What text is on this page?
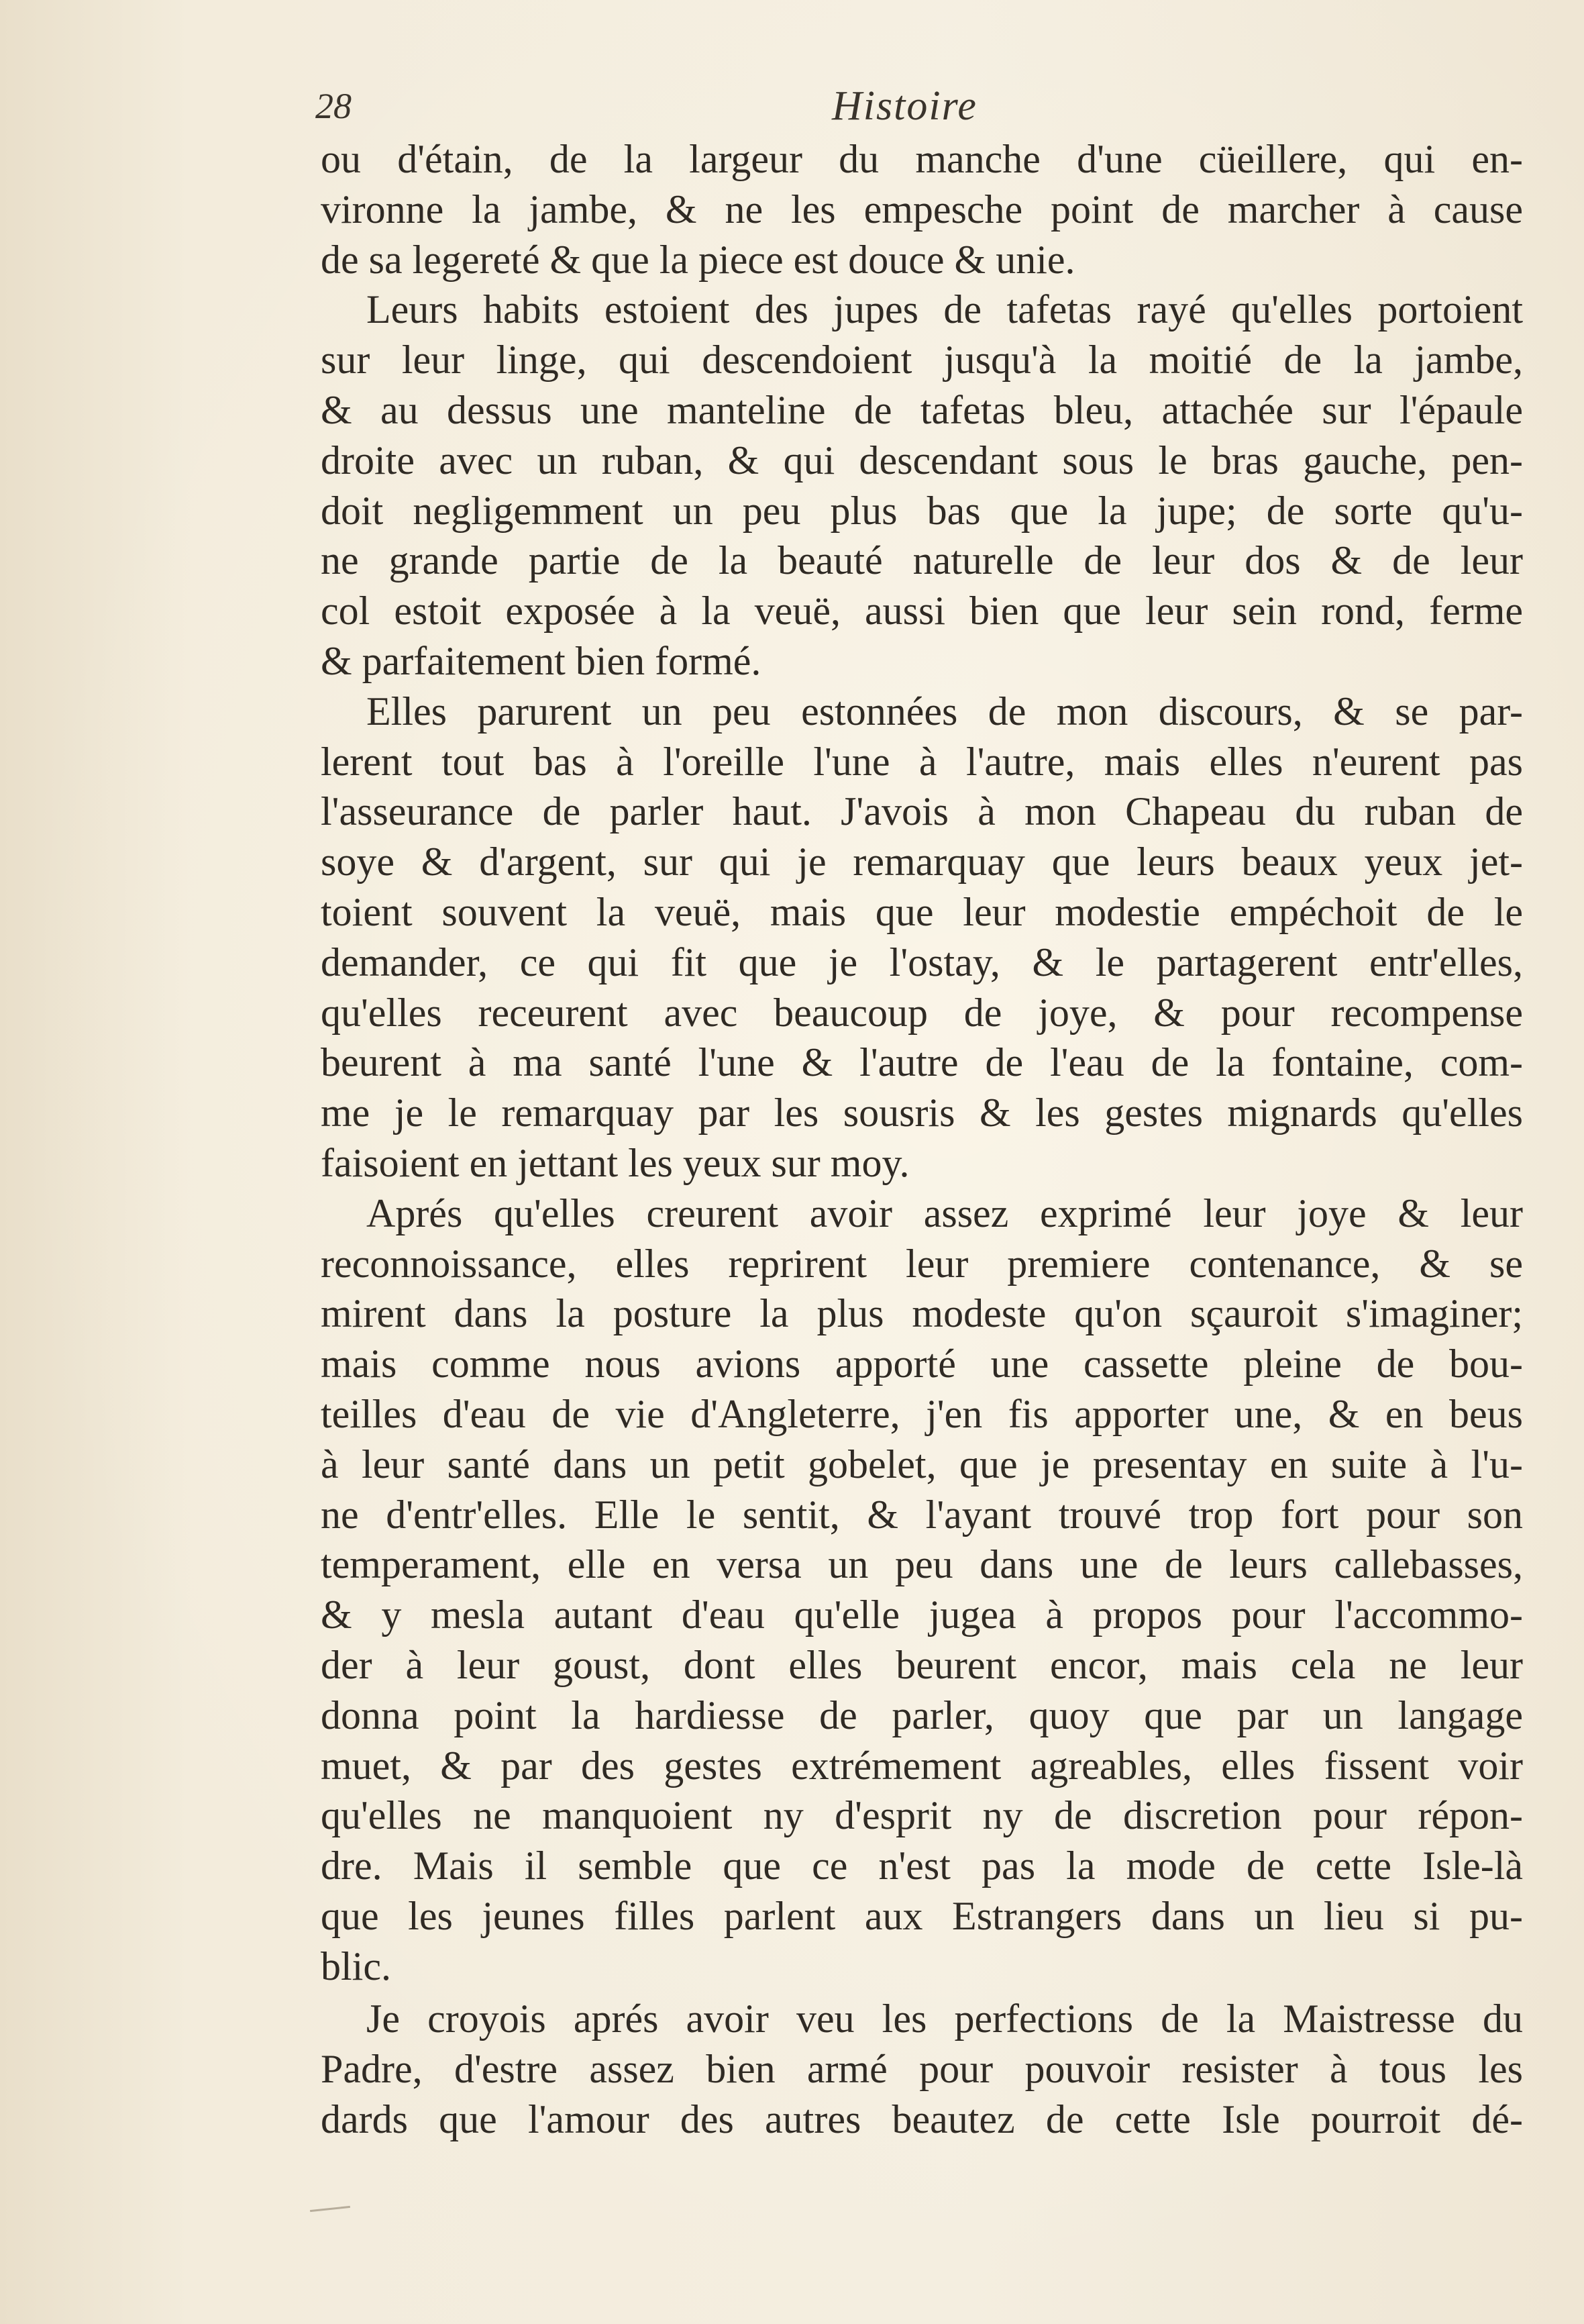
28	Histoire
ou d'étain, de la largeur du manche d'une cüeillere, qui en-
vironne la jambe, & ne les empesche point de marcher à cause
de sa legereté & que la piece est douce & unie.
Leurs habits estoient des jupes de tafetas rayé qu'elles portoient
sur leur linge, qui descendoient jusqu'à la moitié de la jambe,
& au dessus une manteline de tafetas bleu, attachée sur l'épaule
droite avec un ruban, & qui descendant sous le bras gauche, pen-
doit negligemment un peu plus bas que la jupe; de sorte qu'u-
ne grande partie de la beauté naturelle de leur dos & de leur
col estoit exposée à la veuë, aussi bien que leur sein rond, ferme
& parfaitement bien formé.
Elles parurent un peu estonnées de mon discours, & se par-
lerent tout bas à l'oreille l'une à l'autre, mais elles n'eurent pas
l'asseurance de parler haut. J'avois à mon Chapeau du ruban de
soye & d'argent, sur qui je remarquay que leurs beaux yeux jet-
toient souvent la veuë, mais que leur modestie empéchoit de le
demander, ce qui fit que je l'ostay, & le partagerent entr'elles,
qu'elles receurent avec beaucoup de joye, & pour recompense
beurent à ma santé l'une & l'autre de l'eau de la fontaine, com-
me je le remarquay par les sousris & les gestes mignards qu'elles
faisoient en jettant les yeux sur moy.
Aprés qu'elles creurent avoir assez exprimé leur joye & leur
reconnoissance, elles reprirent leur premiere contenance, & se
mirent dans la posture la plus modeste qu'on sçauroit s'imaginer;
mais comme nous avions apporté une cassette pleine de bou-
teilles d'eau de vie d'Angleterre, j'en fis apporter une, & en beus
à leur santé dans un petit gobelet, que je presentay en suite à l'u-
ne d'entr'elles. Elle le sentit, & l'ayant trouvé trop fort pour son
temperament, elle en versa un peu dans une de leurs callebasses,
& y mesla autant d'eau qu'elle jugea à propos pour l'accommo-
der à leur goust, dont elles beurent encor, mais cela ne leur
donna point la hardiesse de parler, quoy que par un langage
muet, & par des gestes extrémement agreables, elles fissent voir
qu'elles ne manquoient ny d'esprit ny de discretion pour répon-
dre. Mais il semble que ce n'est pas la mode de cette Isle-là
que les jeunes filles parlent aux Estrangers dans un lieu si pu-
blic.
Je croyois aprés avoir veu les perfections de la Maistresse du
Padre, d'estre assez bien armé pour pouvoir resister à tous les
dards que l'amour des autres beautez de cette Isle pourroit dé-
